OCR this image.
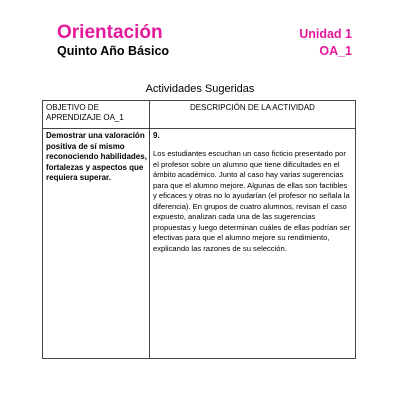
Orientación
Quinto Año Básico
Unidad 1
OA_1
Actividades Sugeridas
OBJETIVO DE APRENDIZAJE OA_1
DESCRIPCIÓN DE LA ACTIVIDAD
Demostrar una valoración positiva de sí mismo reconociendo habilidades, fortalezas y aspectos que requiera superar.
9.
Los estudiantes escuchan un caso ficticio presentado por el profesor sobre un alumno que tiene dificultades en el ámbito académico. Junto al caso hay varias sugerencias para que el alumno mejore. Algunas de ellas son factibles y eficaces y otras no lo ayudarían (el profesor no señala la diferencia). En grupos de cuatro alumnos, revisan el caso expuesto, analizan cada una de las sugerencias propuestas y luego determinan cuáles de ellas podrían ser efectivas para que el alumno mejore su rendimiento, explicando las razones de su selección.
